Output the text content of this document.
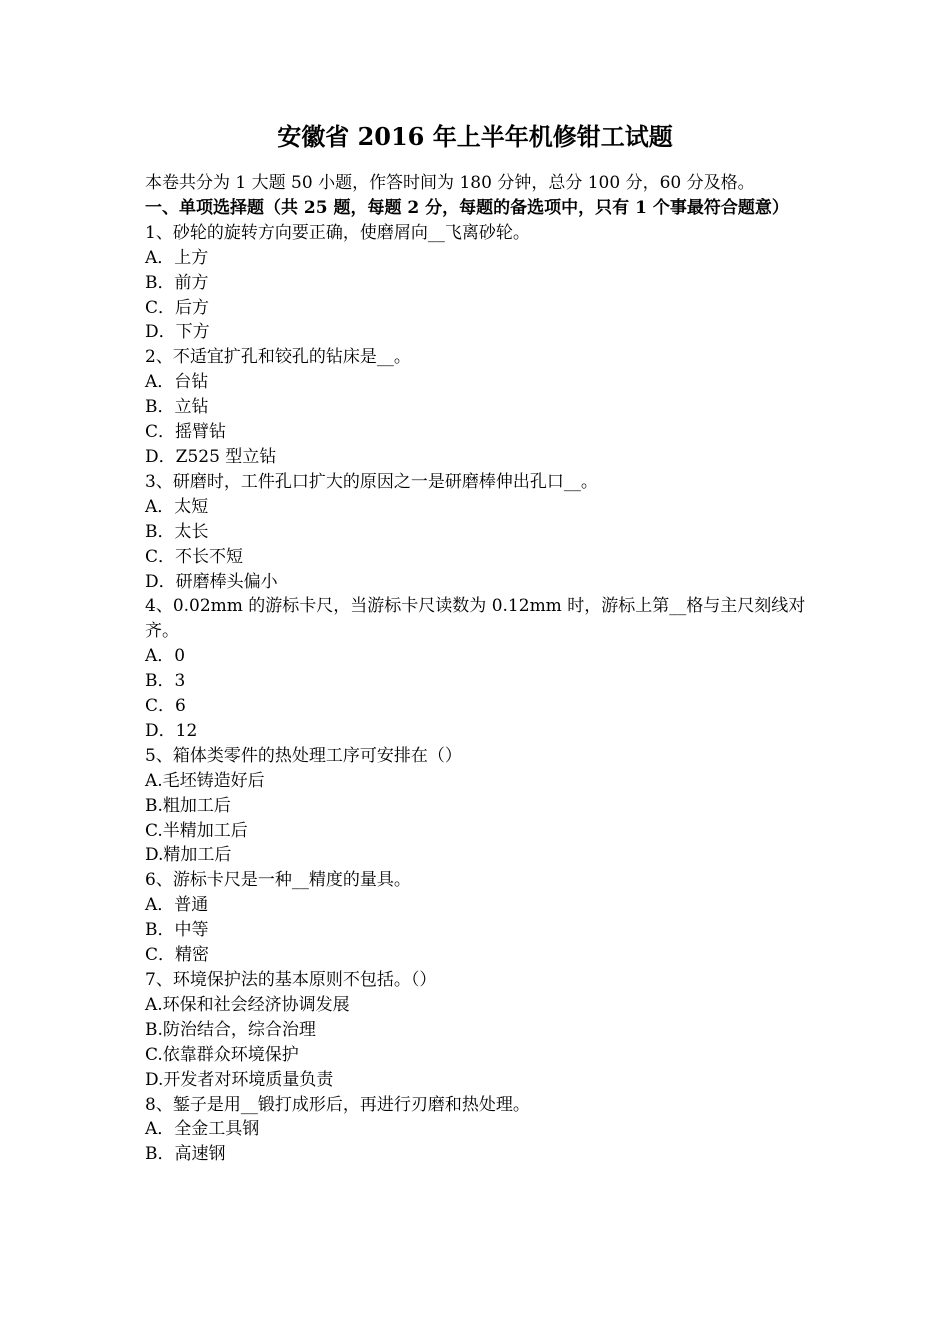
安徽省 2016 年上半年机修钳工试题
本卷共分为 1 大题 50 小题，作答时间为 180 分钟，总分 100 分，60 分及格。
一、单项选择题（共 25 题，每题 2 分，每题的备选项中，只有 1 个事最符合题意）
1、砂轮的旋转方向要正确，使磨屑向__飞离砂轮。
A．上方
B．前方
C．后方
D．下方
2、不适宜扩孔和铰孔的钻床是__。
A．台钻
B．立钻
C．摇臂钻
D．Z525 型立钻
3、研磨时，工件孔口扩大的原因之一是研磨棒伸出孔口__。
A．太短
B．太长
C．不长不短
D．研磨棒头偏小
4、0.02mm 的游标卡尺，当游标卡尺读数为 0.12mm 时，游标上第__格与主尺刻线对齐。
A．0
B．3
C．6
D．12
5、箱体类零件的热处理工序可安排在（）
A.毛坯铸造好后
B.粗加工后
C.半精加工后
D.精加工后
6、游标卡尺是一种__精度的量具。
A．普通
B．中等
C．精密
7、环境保护法的基本原则不包括。（）
A.环保和社会经济协调发展
B.防治结合，综合治理
C.依靠群众环境保护
D.开发者对环境质量负责
8、錾子是用__锻打成形后，再进行刃磨和热处理。
A．全金工具钢
B．高速钢
